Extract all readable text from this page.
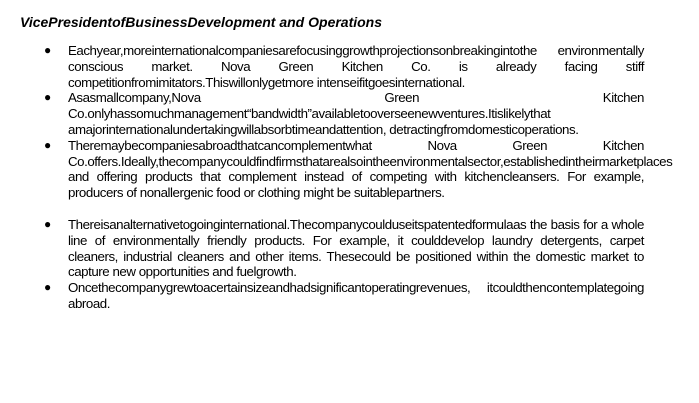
VicePresidentofBusinessDevelopment and Operations
● Eachyear,moreinternationalcompaniesarefocusinggrowthprojectionsonbreakingintothe environmentally conscious market. Nova Green Kitchen Co. is already facing stiff competitionfromimitators.Thiswillonlygetmore intenseifitgoesinternational.
● Asasmallcompany,Nova Green Kitchen Co.onlyhassomuchmanagement“bandwidth”availabletooverseenewventures.Itislikelythat amajorinternationalundertakingwillabsorbtimeandattention, detractingfromdomesticoperations.
● Theremaybecompaniesabroadthatcancomplementwhat Nova Green Kitchen Co.offers.Ideally,thecompanycouldfindfirmsthatarealsointheenvironmentalsector,establishedintheirmarketplaces and offering products that complement instead of competing with kitchencleansers. For example, producers of nonallergenic food or clothing might be suitablepartners.
● Thereisanalternativetogoinginternational.Thecompanycoulduseitspatentedformulaas the basis for a whole line of environmentally friendly products. For example, it coulddevelop laundry detergents, carpet cleaners, industrial cleaners and other items. Thesecould be positioned within the domestic market to capture new opportunities and fuelgrowth.
● Oncethecompanygrewtoacertainsizeandhadsignificantoperatingrevenues, itcouldthencontemplategoing abroad.
